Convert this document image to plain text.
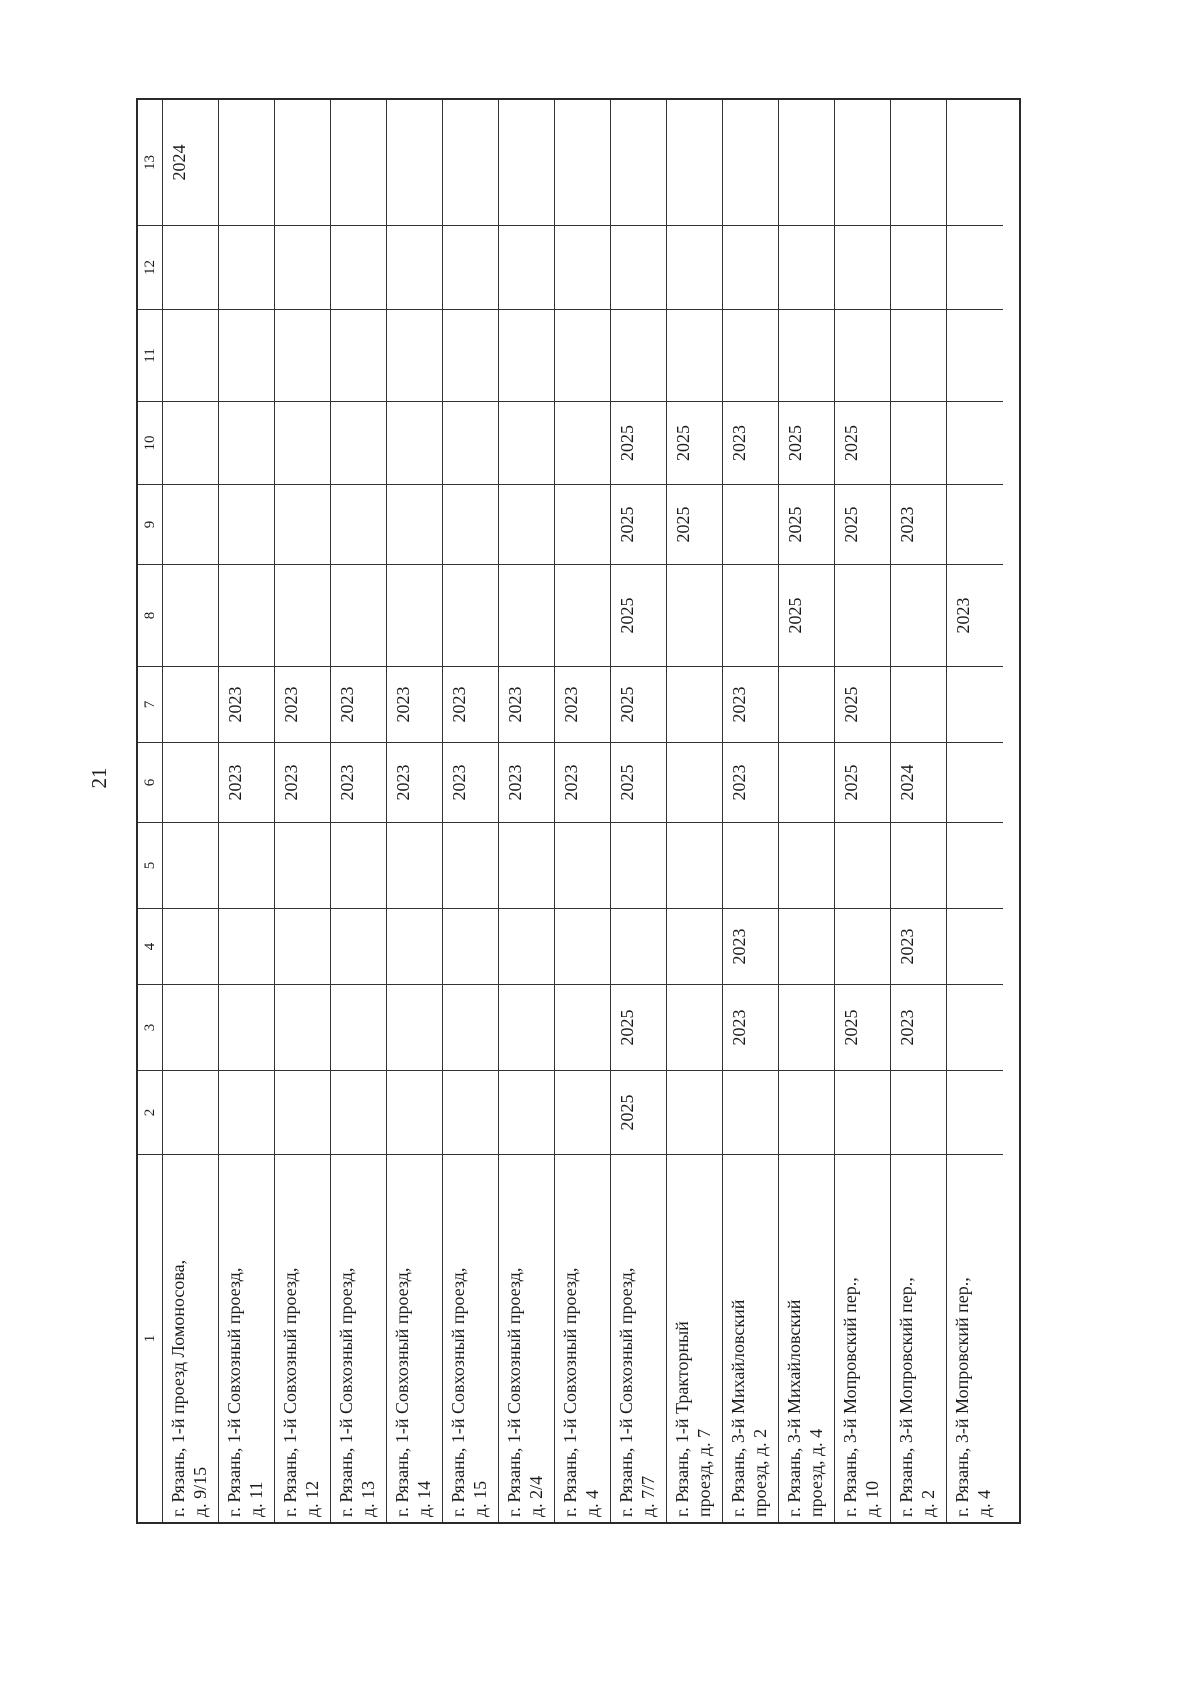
21
1
2
3
4
5
6
7
8
9
10
11
12
13
г. Рязань, 1-й проезд Ломоносова, д. 9/15
2024
г. Рязань, 1-й Совхозный проезд, д. 11
2023
2023
г. Рязань, 1-й Совхозный проезд, д. 12
2023
2023
г. Рязань, 1-й Совхозный проезд, д. 13
2023
2023
г. Рязань, 1-й Совхозный проезд, д. 14
2023
2023
г. Рязань, 1-й Совхозный проезд, д. 15
2023
2023
г. Рязань, 1-й Совхозный проезд, д. 2/4
2023
2023
г. Рязань, 1-й Совхозный проезд, д. 4
2023
2023
г. Рязань, 1-й Совхозный проезд, д. 7/7
2025
2025
2025
2025
2025
2025
2025
г. Рязань, 1-й Тракторный проезд, д. 7
2025
2025
г. Рязань, 3-й Михайловский проезд, д. 2
2023
2023
2023
2023
2023
г. Рязань, 3-й Михайловский проезд, д. 4
2025
2025
2025
г. Рязань, 3-й Мопровский пер., д. 10
2025
2025
2025
2025
2025
г. Рязань, 3-й Мопровский пер., д. 2
2023
2023
2024
2023
г. Рязань, 3-й Мопровский пер., д. 4
2023
